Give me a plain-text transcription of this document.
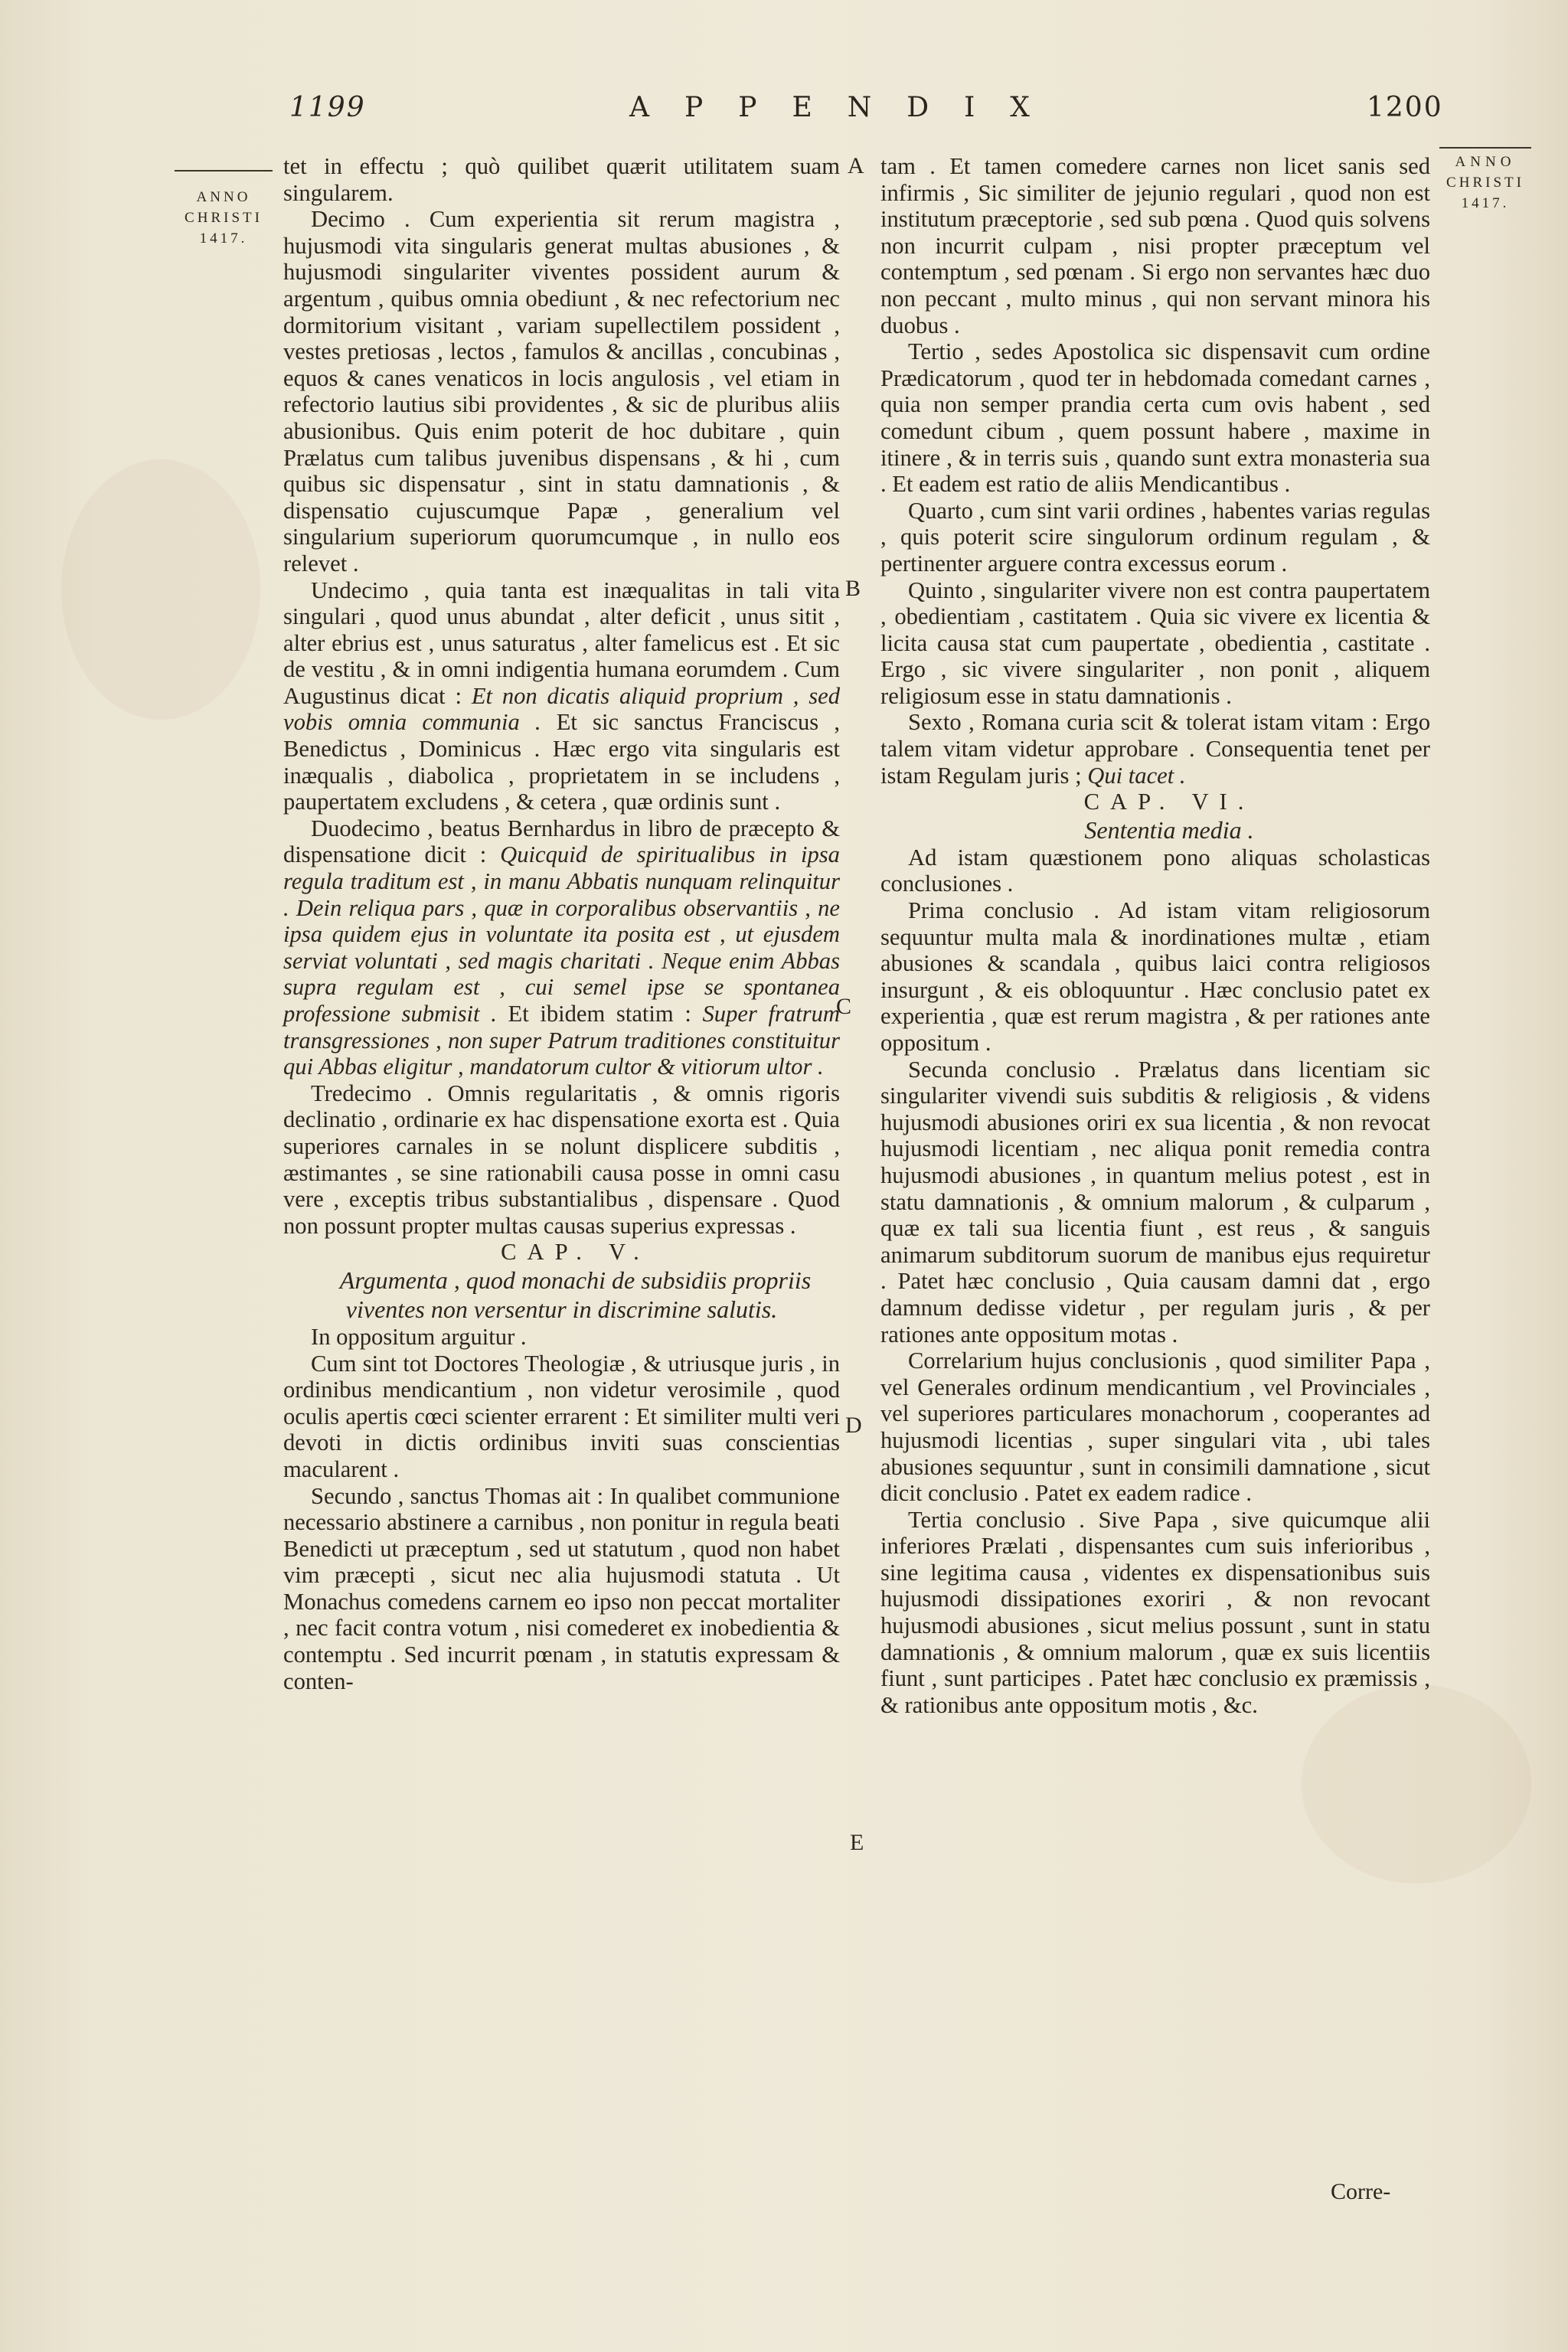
1199	APPENDIX	1200
ANNO
CHRISTI
1417.
ANNO
CHRISTI
1417.
A
B
C
D
E

tet in effectu ; quò quilibet quærit utilitatem suam singularem.

Decimo . Cum experientia sit rerum magistra , hujusmodi vita singularis generat multas abusiones , & hujusmodi singulariter viventes possident aurum & argentum , quibus omnia obediunt , & nec refectorium nec dormitorium visitant , variam supellectilem possident , vestes pretiosas , lectos , famulos & ancillas , concubinas , equos & canes venaticos in locis angulosis , vel etiam in refectorio lautius sibi providentes , & sic de pluribus aliis abusionibus. Quis enim poterit de hoc dubitare , quin Prælatus cum talibus juvenibus dispensans , & hi , cum quibus sic dispensatur , sint in statu damnationis , & dispensatio cujuscumque Papæ , generalium vel singularium superiorum quorumcumque , in nullo eos relevet .

Undecimo , quia tanta est inæqualitas in tali vita singulari , quod unus abundat , alter deficit , unus sitit , alter ebrius est , unus saturatus , alter famelicus est . Et sic de vestitu , & in omni indigentia humana eorumdem . Cum Augustinus dicat : Et non dicatis aliquid proprium , sed vobis omnia communia . Et sic sanctus Franciscus , Benedictus , Dominicus . Hæc ergo vita singularis est inæqualis , diabolica , proprietatem in se includens , paupertatem excludens , & cetera , quæ ordinis sunt .

Duodecimo , beatus Bernhardus in libro de præcepto & dispensatione dicit : Quicquid de spiritualibus in ipsa regula traditum est , in manu Abbatis nunquam relinquitur . Dein reliqua pars , quæ in corporalibus observantiis , ne ipsa quidem ejus in voluntate ita posita est , ut ejusdem serviat voluntati , sed magis charitati . Neque enim Abbas supra regulam est , cui semel ipse se spontanea professione submisit . Et ibidem statim : Super fratrum transgressiones , non super Patrum traditiones constituitur qui Abbas eligitur , mandatorum cultor & vitiorum ultor .

Tredecimo . Omnis regularitatis , & omnis rigoris declinatio , ordinarie ex hac dispensatione exorta est . Quia superiores carnales in se nolunt displicere subditis , æstimantes , se sine rationabili causa posse in omni casu vere , exceptis tribus substantialibus , dispensare . Quod non possunt propter multas causas superius expressas .

CAP. V.

Argumenta , quod monachi de subsidiis propriis viventes non versentur in discrimine salutis.

In oppositum arguitur .

Cum sint tot Doctores Theologiæ , & utriusque juris , in ordinibus mendicantium , non videtur verosimile , quod oculis apertis cœci scienter errarent : Et similiter multi veri devoti in dictis ordinibus inviti suas conscientias macularent .

Secundo , sanctus Thomas ait : In qualibet communione necessario abstinere a carnibus , non ponitur in regula beati Benedicti ut præceptum , sed ut statutum , quod non habet vim præcepti , sicut nec alia hujusmodi statuta . Ut Monachus comedens carnem eo ipso non peccat mortaliter , nec facit contra votum , nisi comederet ex inobedientia & contemptu . Sed incurrit pœnam , in statutis expressam & conten-

tam . Et tamen comedere carnes non licet sanis sed infirmis , Sic similiter de jejunio regulari , quod non est institutum præceptorie , sed sub pœna . Quod quis solvens non incurrit culpam , nisi propter præceptum vel contemptum , sed pœnam . Si ergo non servantes hæc duo non peccant , multo minus , qui non servant minora his duobus .

Tertio , sedes Apostolica sic dispensavit cum ordine Prædicatorum , quod ter in hebdomada comedant carnes , quia non semper prandia certa cum ovis habent , sed comedunt cibum , quem possunt habere , maxime in itinere , & in terris suis , quando sunt extra monasteria sua . Et eadem est ratio de aliis Mendicantibus .

Quarto , cum sint varii ordines , habentes varias regulas , quis poterit scire singulorum ordinum regulam , & pertinenter arguere contra excessus eorum .

Quinto , singulariter vivere non est contra paupertatem , obedientiam , castitatem . Quia sic vivere ex licentia & licita causa stat cum paupertate , obedientia , castitate . Ergo , sic vivere singulariter , non ponit , aliquem religiosum esse in statu damnationis .

Sexto , Romana curia scit & tolerat istam vitam : Ergo talem vitam videtur approbare . Consequentia tenet per istam Regulam juris ; Qui tacet .

CAP. VI.

Sententia media .

Ad istam quæstionem pono aliquas scholasticas conclusiones .

Prima conclusio . Ad istam vitam religiosorum sequuntur multa mala & inordinationes multæ , etiam abusiones & scandala , quibus laici contra religiosos insurgunt , & eis obloquuntur . Hæc conclusio patet ex experientia , quæ est rerum magistra , & per rationes ante oppositum .

Secunda conclusio . Prælatus dans licentiam sic singulariter vivendi suis subditis & religiosis , & videns hujusmodi abusiones oriri ex sua licentia , & non revocat hujusmodi licentiam , nec aliqua ponit remedia contra hujusmodi abusiones , in quantum melius potest , est in statu damnationis , & omnium malorum , & culparum , quæ ex tali sua licentia fiunt , est reus , & sanguis animarum subditorum suorum de manibus ejus requiretur . Patet hæc conclusio , Quia causam damni dat , ergo damnum dedisse videtur , per regulam juris , & per rationes ante oppositum motas .

Correlarium hujus conclusionis , quod similiter Papa , vel Generales ordinum mendicantium , vel Provinciales , vel superiores particulares monachorum , cooperantes ad hujusmodi licentias , super singulari vita , ubi tales abusiones sequuntur , sunt in consimili damnatione , sicut dicit conclusio . Patet ex eadem radice .

Tertia conclusio . Sive Papa , sive quicumque alii inferiores Prælati , dispensantes cum suis inferioribus , sine legitima causa , videntes ex dispensationibus suis hujusmodi dissipationes exoriri , & non revocant hujusmodi abusiones , sicut melius possunt , sunt in statu damnationis , & omnium malorum , quæ ex suis licentiis fiunt , sunt participes . Patet hæc conclusio ex præmissis , & rationibus ante oppositum motis , &c.

Corre-
